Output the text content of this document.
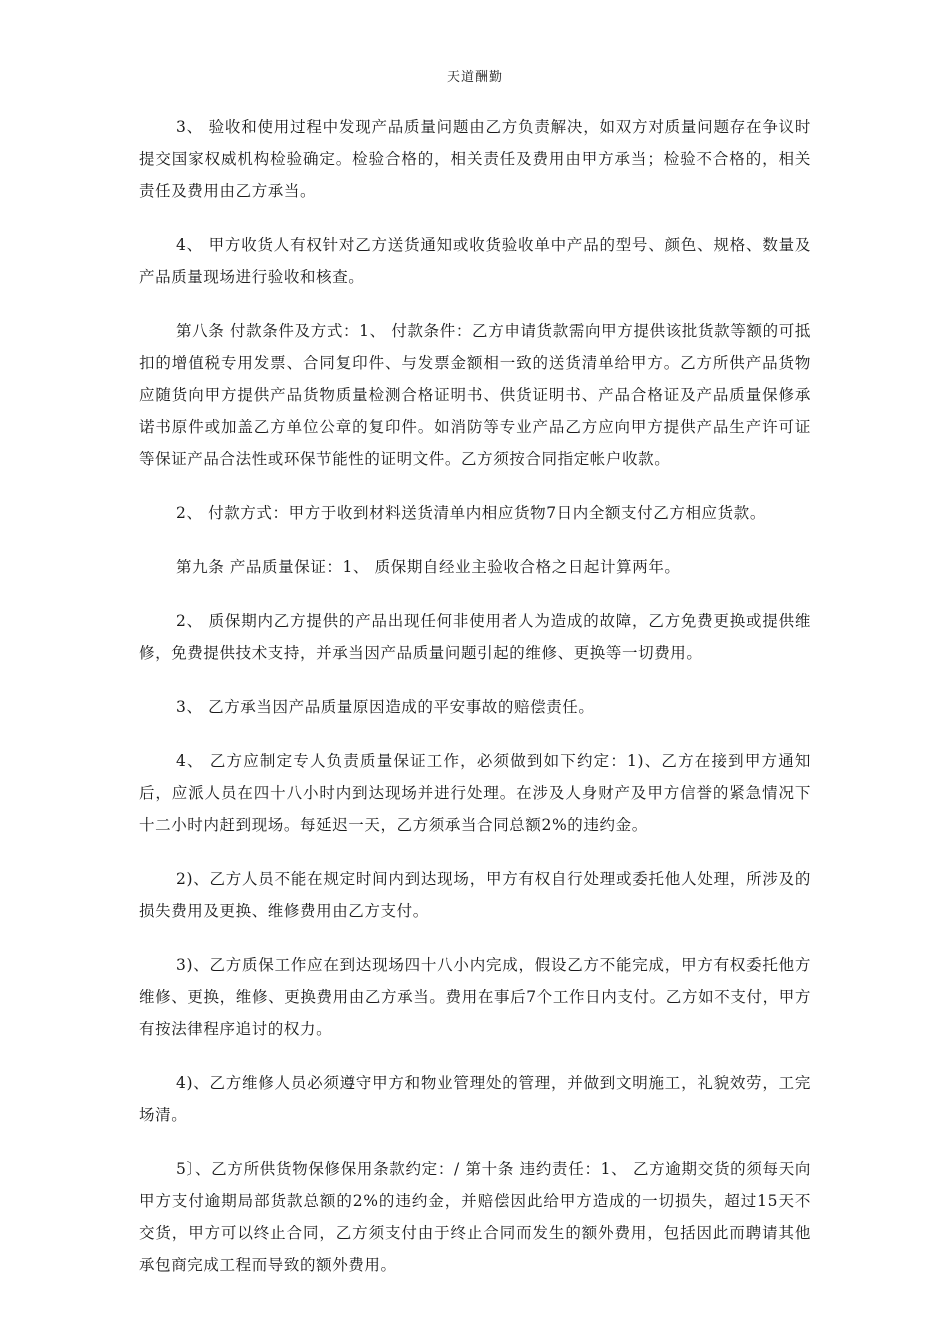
天道酬勤

3、 验收和使用过程中发现产品质量问题由乙方负责解决，如双方对质量问题存在争议时提交国家权威机构检验确定。检验合格的，相关责任及费用由甲方承当；检验不合格的，相关责任及费用由乙方承当。

4、 甲方收货人有权针对乙方送货通知或收货验收单中产品的型号、颜色、规格、数量及产品质量现场进行验收和核查。

第八条 付款条件及方式：1、 付款条件：乙方申请货款需向甲方提供该批货款等额的可抵扣的增值税专用发票、合同复印件、与发票金额相一致的送货清单给甲方。乙方所供产品货物应随货向甲方提供产品货物质量检测合格证明书、供货证明书、产品合格证及产品质量保修承诺书原件或加盖乙方单位公章的复印件。如消防等专业产品乙方应向甲方提供产品生产许可证等保证产品合法性或环保节能性的证明文件。乙方须按合同指定帐户收款。

2、 付款方式：甲方于收到材料送货清单内相应货物7日内全额支付乙方相应货款。

第九条 产品质量保证：1、 质保期自经业主验收合格之日起计算两年。

2、 质保期内乙方提供的产品出现任何非使用者人为造成的故障，乙方免费更换或提供维修，免费提供技术支持，并承当因产品质量问题引起的维修、更换等一切费用。

3、 乙方承当因产品质量原因造成的平安事故的赔偿责任。

4、 乙方应制定专人负责质量保证工作，必须做到如下约定：1)、乙方在接到甲方通知后，应派人员在四十八小时内到达现场并进行处理。在涉及人身财产及甲方信誉的紧急情况下十二小时内赶到现场。每延迟一天，乙方须承当合同总额2%的违约金。

2)、乙方人员不能在规定时间内到达现场，甲方有权自行处理或委托他人处理，所涉及的损失费用及更换、维修费用由乙方支付。

3)、乙方质保工作应在到达现场四十八小内完成，假设乙方不能完成，甲方有权委托他方维修、更换，维修、更换费用由乙方承当。费用在事后7个工作日内支付。乙方如不支付，甲方有按法律程序追讨的权力。

4)、乙方维修人员必须遵守甲方和物业管理处的管理，并做到文明施工，礼貌效劳，工完场清。

5〕、乙方所供货物保修保用条款约定：/ 第十条 违约责任：1、 乙方逾期交货的须每天向甲方支付逾期局部货款总额的2%的违约金，并赔偿因此给甲方造成的一切损失，超过15天不交货，甲方可以终止合同，乙方须支付由于终止合同而发生的额外费用，包括因此而聘请其他承包商完成工程而导致的额外费用。
